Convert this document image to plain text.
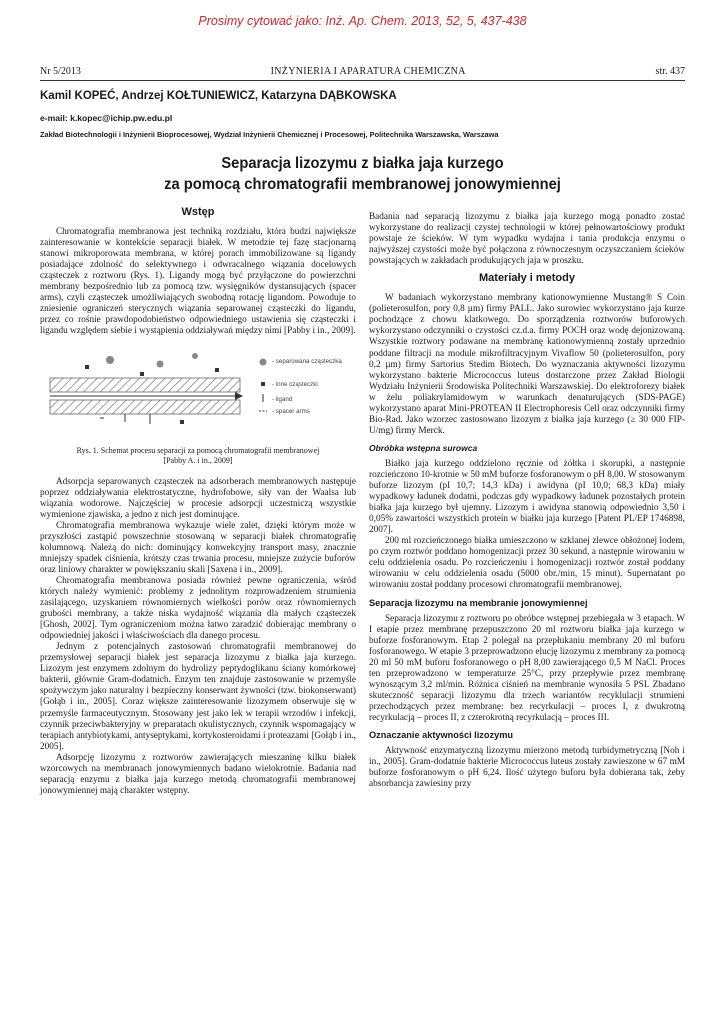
Prosimy cytować jako: Inż. Ap. Chem. 2013, 52, 5, 437-438
Nr 5/2013	INŻYNIERIA I APARATURA CHEMICZNA	str. 437
Kamil KOPEĆ, Andrzej KOŁTUNIEWICZ, Katarzyna DĄBKOWSKA
e-mail: k.kopec@ichip.pw.edu.pl
Zakład Biotechnologii i Inżynierii Bioprocesowej, Wydział Inżynierii Chemicznej i Procesowej, Politechnika Warszawska, Warszawa
Separacja lizozymu z białka jaja kurzego
za pomocą chromatografii membranowej jonowymiennej
Wstęp

Chromatografia membranowa jest techniką rozdziału, która budzi największe zainteresowanie w kontekście separacji białek. W metodzie tej fazę stacjonarną stanowi mikroporowata membrana, w której porach immobilizowane są ligandy posiadające zdolność do selektywnego i odwracalnego wiązania docelowych cząsteczek z roztworu (Rys. 1). Ligandy mogą być przyłączone do powierzchni membrany bezpośrednio lub za pomocą tzw. wysięgników dystansujących (spacer arms), czyli cząsteczek umożliwiających swobodną rotację ligandom. Powoduje to zniesienie ograniczeń sterycznych wiązania separowanej cząsteczki do ligandu, przez co rośnie prawdopodobieństwo odpowiedniego ustawienia się cząsteczki i ligandu względem siebie i wystąpienia oddziaływań między nimi [Pabby i in., 2009].

- separowana cząsteczka
- inne cząsteczki
- ligand
- spacer arms
Rys. 1. Schemat procesu separacji za pomocą chromatografii membranowej
[Pabby A. i in., 2009]

Adsorpcja separowanych cząsteczek na adsorberach membranowych następuje poprzez oddziaływania elektrostatyczne, hydrofobowe, siły van der Waalsa lub wiązania wodorowe. Najczęściej w procesie adsorpcji uczestniczą wszystkie wymienione zjawiska, a jedno z nich jest dominujące.

Chromatografia membranowa wykazuje wiele zalet, dzięki którym może w przyszłości zastąpić powszechnie stosowaną w separacji białek chromatografię kolumnową. Należą do nich: dominujący konwekcyjny transport masy, znacznie mniejszy spadek ciśnienia, krótszy czas trwania procesu, mniejsze zużycie buforów oraz liniowy charakter w powiększaniu skali [Saxena i in., 2009].

Chromatografia membranowa posiada również pewne ograniczenia, wśród których należy wymienić: problemy z jednolitym rozprowadzeniem strumienia zasilającego, uzyskaniem równomiernych wielkości porów oraz równomiernych grubości membrany, a także niska wydajność wiązania dla małych cząsteczek [Ghosh, 2002]. Tym ograniczeniom można łatwo zaradzić dobierając membrany o odpowiedniej jakości i właściwościach dla danego procesu.

Jednym z potencjalnych zastosowań chromatografii membranowej do przemysłowej separacji białek jest separacja lizozymu z białka jaja kurzego. Lizozym jest enzymem zdolnym do hydrolizy peptydoglikanu ściany komórkowej bakterii, głównie Gram-dodatnich. Enzym ten znajduje zastosowanie w przemyśle spożywczym jako naturalny i bezpieczny konserwant żywności (tzw. biokonserwant) [Gołąb i in., 2005]. Coraz większe zainteresowanie lizozymem obserwuje się w przemyśle farmaceutycznym. Stosowany jest jako lek w terapii wrzodów i infekcji, czynnik przeciwbakteryjny w preparatach okulistycznych, czynnik wspomagający w terapiach antybiotykami, antyseptykami, kortykosteroidami i proteazami [Gołąb i in., 2005].

Adsorpcję lizozymu z roztworów zawierających mieszaninę kilku białek wzorcowych na membranach jonowymiennych badano wielokrotnie. Badania nad separacją enzymu z białka jaja kurzego metodą chromatografii membranowej jonowymiennej mają charakter wstępny.

Badania nad separacją lizozymu z białka jaja kurzego mogą ponadto zostać wykorzystane do realizacji czystej technologii w której pełnowartościowy produkt powstaje ze ścieków. W tym wypadku wydajna i tania produkcja enzymu o najwyższej czystości może być połączona z równoczesnym oczyszczaniem ścieków powstających w zakładach produkujących jaja w proszku.

Materiały i metody

W badaniach wykorzystano membrany kationowymienne Mustang® S Coin (polieterosulfon, pory 0,8 µm) firmy PALL. Jako surowiec wykorzystano jaja kurze pochodzące z chowu klatkowego. Do sporządzenia roztworów buforowych wykorzystano odczynniki o czystości cz.d.a. firmy POCH oraz wodę dejonizowaną. Wszystkie roztwory podawane na membranę kationowymienną zostały uprzednio poddane filtracji na module mikrofiltracyjnym Vivaflow 50 (polieterosulfon, pory 0,2 µm) firmy Sartorius Stedim Biotech. Do wyznaczania aktywności lizozymu wykorzystano bakterie Micrococcus luteus dostarczone przez Zakład Biologii Wydziału Inżynierii Środowiska Politechniki Warszawskiej. Do elektroforezy białek w żelu poliakrylamidowym w warunkach denaturujących (SDS-PAGE) wykorzystano aparat Mini-PROTEAN II Electrophoresis Cell oraz odczynniki firmy Bio-Rad. Jako wzorzec zastosowano lizozym z białka jaja kurzego (≥ 30 000 FIP-U/mg) firmy Merck.

Obróbka wstępna surowca

Białko jaja kurzego oddzielono ręcznie od żółtka i skorupki, a następnie rozcieńczono 10-krotnie w 50 mM buforze fosforanowym o pH 8,00. W stosowanym buforze lizozym (pI 10,7; 14,3 kDa) i awidyna (pI 10,0; 68,3 kDa) miały wypadkowy ładunek dodatni, podczas gdy wypadkowy ładunek pozostałych protein białka jaja kurzego był ujemny. Lizozym i awidyna stanowią odpowiednio 3,50 i 0,05% zawartości wszystkich protein w białku jaja kurzego [Patent PL/EP 1746898, 2007].

200 ml rozcieńczonego białka umieszczono w szklanej zlewce obłożonej lodem, po czym roztwór poddano homogenizacji przez 30 sekund, a następnie wirowaniu w celu oddzielenia osadu. Po rozcieńczeniu i homogenizacji roztwór został poddany wirowaniu w celu oddzielenia osadu (5000 obr./min, 15 minut). Supernatant po wirowaniu został poddany procesowi chromatografii membranowej.

Separacja lizozymu na membranie jonowymiennej

Separacja lizozymu z roztworu po obróbce wstępnej przebiegała w 3 etapach. W I etapie przez membranę przepuszczono 20 ml roztworu białka jaja kurzego w buforze fosforanowym. Etap 2 polegał na przepłukaniu membrany 20 ml buforu fosforanowego. W etapie 3 przeprowadzono elucję lizozymu z membrany za pomocą 20 ml 50 mM buforu fosforanowego o pH 8,00 zawierającego 0,5 M NaCl. Proces ten przeprowadzono w temperaturze 25°C, przy przepływie przez membranę wynoszącym 3,2 ml/min. Różnica ciśnień na membranie wynosiła 5 PSI. Zbadano skuteczność separacji lizozymu dla trzech wariantów recyklulacji strumieni przechodzących przez membranę: bez recyrkulacji – proces I, z dwukrotną recyrkulacją – proces II, z czterokrotną recyrkulacją – proces III.

Oznaczanie aktywności lizozymu

Aktywność enzymatyczną lizozymu mierzono metodą turbidymetryczną [Noh i in., 2005]. Gram-dodatnie bakterie Micrococcus luteus zostały zawieszone w 67 mM buforze fosforanowym o pH 6,24. Ilość użytego buforu była dobierana tak, żeby absorbancja zawiesiny przy
